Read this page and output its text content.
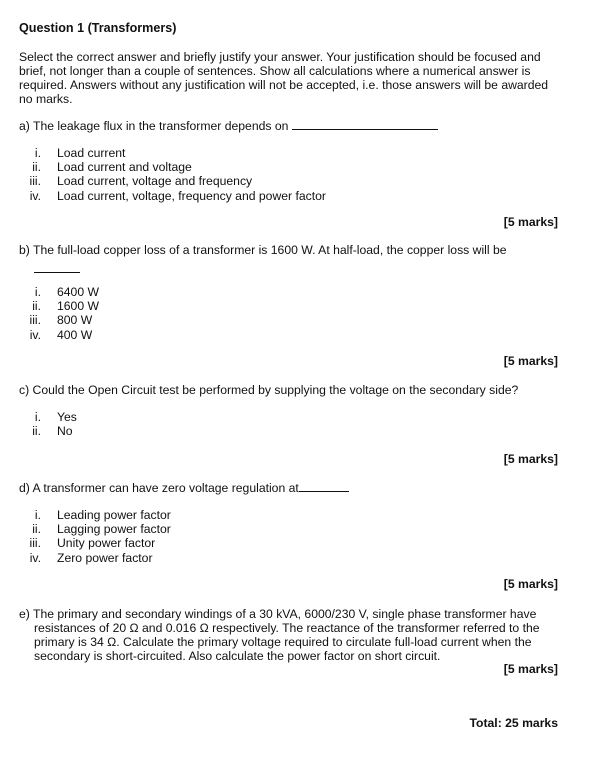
Question 1 (Transformers)
Select the correct answer and briefly justify your answer. Your justification should be focused and brief, not longer than a couple of sentences. Show all calculations where a numerical answer is required. Answers without any justification will not be accepted, i.e. those answers will be awarded no marks.
a) The leakage flux in the transformer depends on
i. Load current
ii. Load current and voltage
iii. Load current, voltage and frequency
iv. Load current, voltage, frequency and power factor
[5 marks]
b) The full-load copper loss of a transformer is 1600 W. At half-load, the copper loss will be
i. 6400 W
ii. 1600 W
iii. 800 W
iv. 400 W
[5 marks]
c) Could the Open Circuit test be performed by supplying the voltage on the secondary side?
i. Yes
ii. No
[5 marks]
d) A transformer can have zero voltage regulation at
i. Leading power factor
ii. Lagging power factor
iii. Unity power factor
iv. Zero power factor
[5 marks]
e) The primary and secondary windings of a 30 kVA, 6000/230 V, single phase transformer have
resistances of 20 Ω and 0.016 Ω respectively. The reactance of the transformer referred to the primary is 34 Ω. Calculate the primary voltage required to circulate full-load current when the secondary is short-circuited. Also calculate the power factor on short circuit.
[5 marks]
Total: 25 marks
